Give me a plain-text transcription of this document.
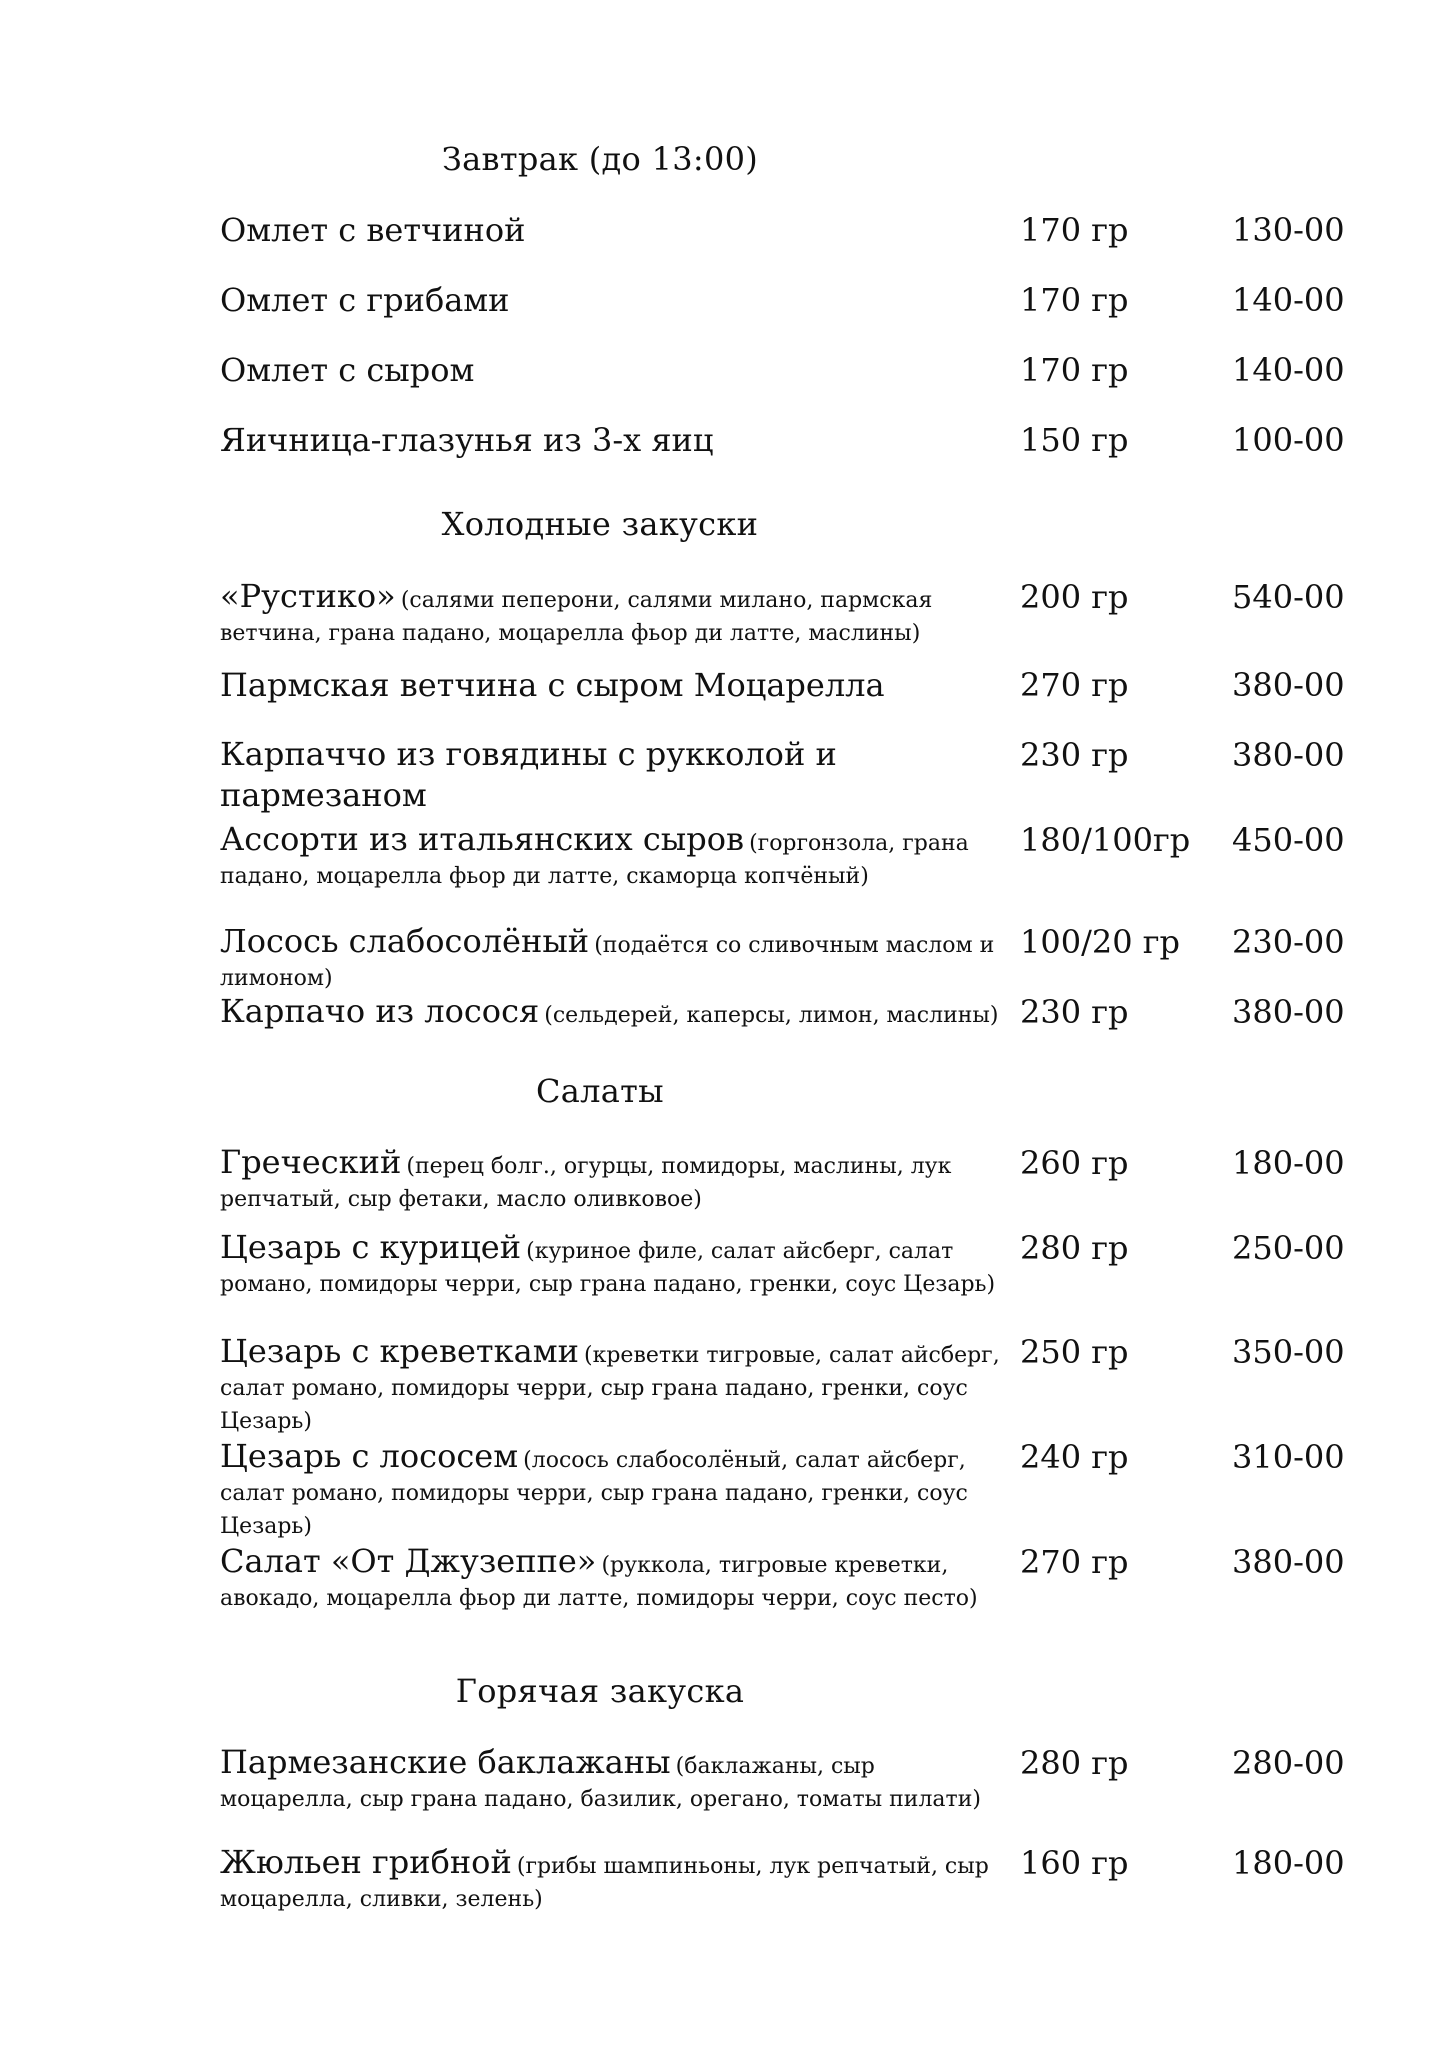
Завтрак (до 13:00)
Омлет с ветчиной	170 гр	130-00
Омлет с грибами	170 гр	140-00
Омлет с сыром	170 гр	140-00
Яичница-глазунья из 3-х яиц	150 гр	100-00
Холодные закуски
«Рустико» (салями пеперони, салями милано, пармская ветчина, грана падано, моцарелла фьор ди латте, маслины)
200 гр	540-00
Пармская ветчина с сыром Моцарелла	270 гр	380-00
Карпаччо из говядины с рукколой и пармезаном
230 гр	380-00
Ассорти из итальянских сыров (горгонзола, грана падано, моцарелла фьор ди латте, скаморца копчёный)
180/100гр 450-00
Лосось слабосолёный (подаётся со сливочным маслом и лимоном)
100/20 гр 230-00
Карпачо из лосося (сельдерей, каперсы, лимон, маслины) 230 гр	380-00
Салаты
Греческий (перец болг., огурцы, помидоры, маслины, лук репчатый, сыр фетаки, масло оливковое)
260 гр	180-00
Цезарь с курицей (куриное филе, салат айсберг, салат романо, помидоры черри, сыр грана падано, гренки, соус Цезарь)
280 гр	250-00
Цезарь с креветками (креветки тигровые, салат айсберг, салат романо, помидоры черри, сыр грана падано, гренки, соус Цезарь)
250 гр	350-00
Цезарь с лососем (лосось слабосолёный, салат айсберг, салат романо, помидоры черри, сыр грана падано, гренки, соус Цезарь)
240 гр	310-00
Салат «От Джузеппе» (руккола, тигровые креветки, авокадо, моцарелла фьор ди латте, помидоры черри, соус песто)
270 гр	380-00
Горячая закуска
Пармезанские баклажаны (баклажаны, сыр моцарелла, сыр грана падано, базилик, орегано, томаты пилати)
280 гр	280-00
Жюльен грибной (грибы шампиньоны, лук репчатый, сыр моцарелла, сливки, зелень)
160 гр	180-00
